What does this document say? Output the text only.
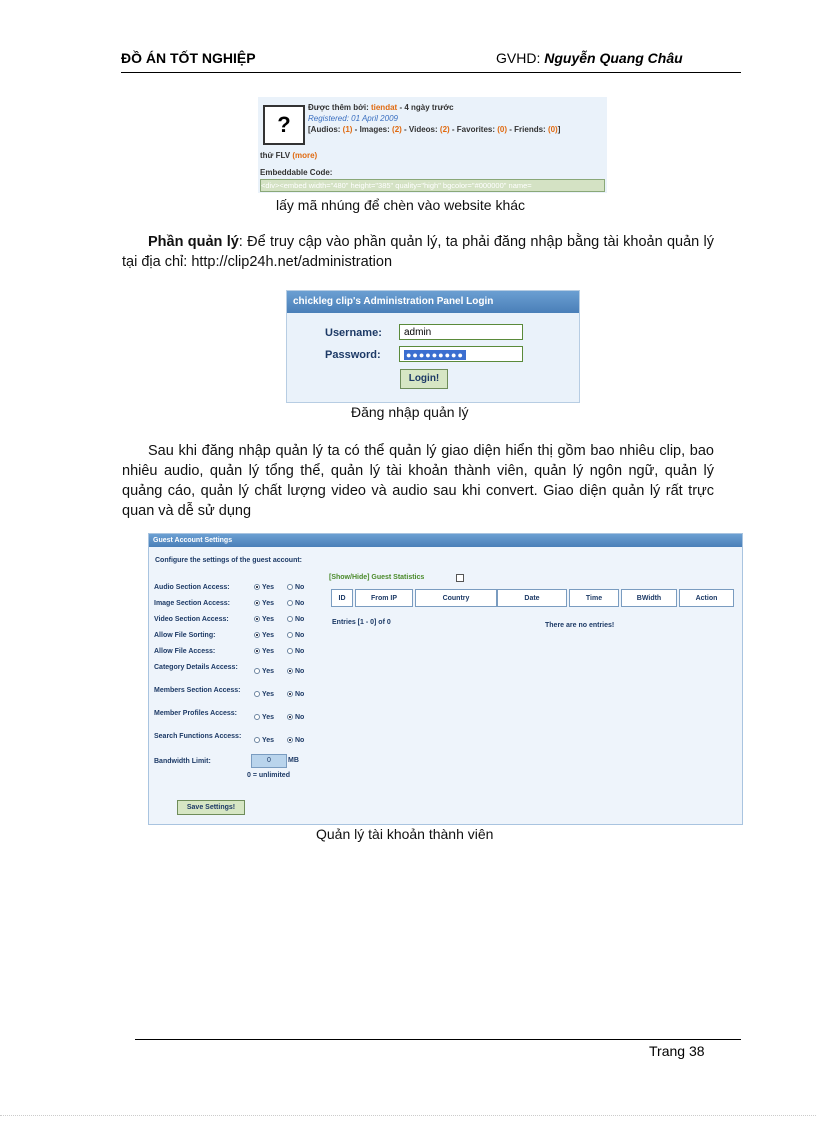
ĐỒ ÁN TỐT NGHIỆP	GVHD: Nguyễn Quang Châu
?
Được thêm bởi: tiendat - 4 ngày trước
Registered: 01 April 2009
[Audios: (1) - Images: (2) - Videos: (2) - Favorites: (0) - Friends: (0)]
thử FLV (more)
Embeddable Code:
<div><embed width="480" height="385" quality="high" bgcolor="#000000" name=
lấy mã nhúng để chèn vào website khác

Phần quản lý: Để truy cập vào phần quản lý, ta phải đăng nhập bằng tài khoản quản lý tại địa chỉ: http://clip24h.net/administration

chickleg clip's Administration Panel Login
Username:	admin
Password:	●●●●●●●●●
Login!
Đăng nhập quản lý

Sau khi đăng nhập quản lý ta có thể quản lý giao diện hiển thị gồm bao nhiêu clip, bao nhiêu audio, quản lý tổng thể, quản lý tài khoản thành viên, quản lý ngôn ngữ, quản lý quảng cáo, quản lý chất lượng video và audio sau khi convert. Giao diện quản lý rất trực quan và dễ sử dụng

Guest Account Settings
Configure the settings of the guest account:
Audio Section Access:	Yes	No
Image Section Access:	Yes	No
Video Section Access:	Yes	No
Allow File Sorting:	Yes	No
Allow File Access:	Yes	No
Category Details Access:
Yes	No
Members Section Access:
Yes	No
Member Profiles Access:
Yes	No
Search Functions Access:
Yes	No
Bandwidth Limit:	0	MB
0 = unlimited
Save Settings!
[Show/Hide] Guest Statistics
ID	From IP	Country	Date	Time	BWidth	Action
Entries [1 - 0] of 0	There are no entries!
Quản lý tài khoản thành viên
Trang 38
